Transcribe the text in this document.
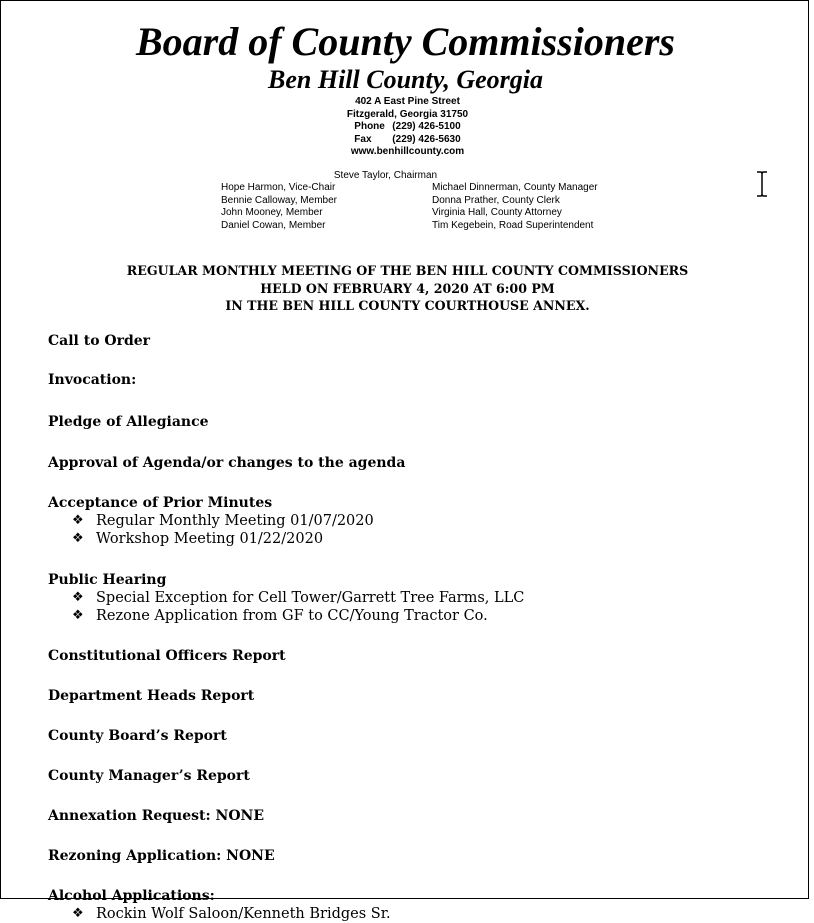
Board of County Commissioners
Ben Hill County, Georgia
402 A East Pine Street
Fitzgerald, Georgia 31750
Phone (229) 426-5100
Fax (229) 426-5630
www.benhillcounty.com
Steve Taylor, Chairman
Hope Harmon, Vice-Chair
Bennie Calloway, Member
John Mooney, Member
Daniel Cowan, Member
Michael Dinnerman, County Manager
Donna Prather, County Clerk
Virginia Hall, County Attorney
Tim Kegebein, Road Superintendent
REGULAR MONTHLY MEETING OF THE BEN HILL COUNTY COMMISSIONERS
HELD ON FEBRUARY 4, 2020 AT 6:00 PM
IN THE BEN HILL COUNTY COURTHOUSE ANNEX.
Call to Order
Invocation:
Pledge of Allegiance
Approval of Agenda/or changes to the agenda
Acceptance of Prior Minutes
❖ Regular Monthly Meeting 01/07/2020
❖ Workshop Meeting 01/22/2020
Public Hearing
❖ Special Exception for Cell Tower/Garrett Tree Farms, LLC
❖ Rezone Application from GF to CC/Young Tractor Co.
Constitutional Officers Report
Department Heads Report
County Board’s Report
County Manager’s Report
Annexation Request: NONE
Rezoning Application: NONE
Alcohol Applications:
❖ Rockin Wolf Saloon/Kenneth Bridges Sr.
